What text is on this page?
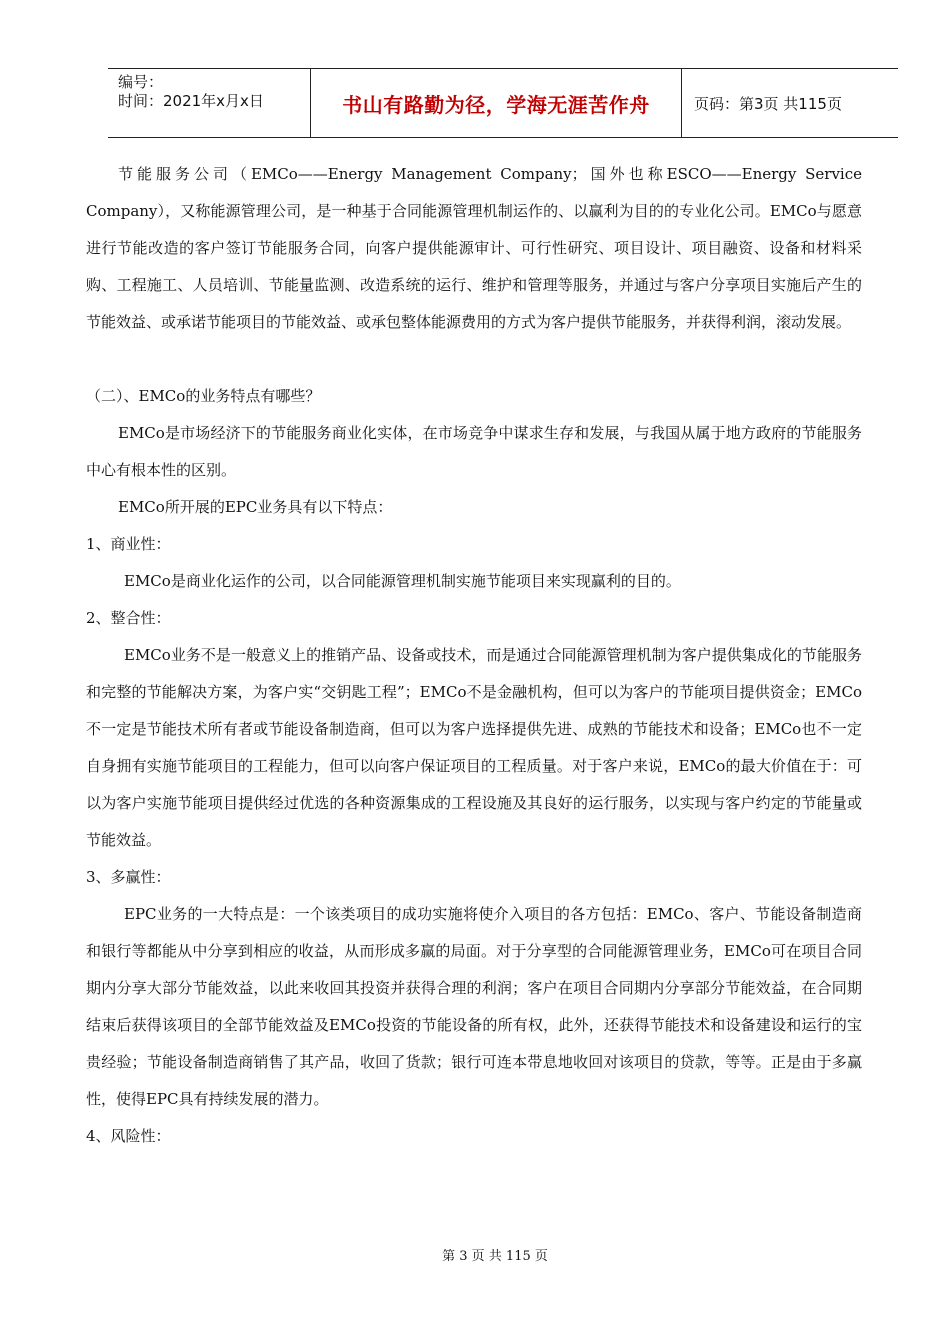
编号：
时间：2021年x月x日	书山有路勤为径，学海无涯苦作舟	页码：第3页 共115页

节能服务公司（EMCo——Energy Management Company；国外也称ESCO——Energy Service Company），又称能源管理公司，是一种基于合同能源管理机制运作的、以赢利为目的的专业化公司。EMCo与愿意进行节能改造的客户签订节能服务合同，向客户提供能源审计、可行性研究、项目设计、项目融资、设备和材料采购、工程施工、人员培训、节能量监测、改造系统的运行、维护和管理等服务，并通过与客户分享项目实施后产生的节能效益、或承诺节能项目的节能效益、或承包整体能源费用的方式为客户提供节能服务，并获得利润，滚动发展。

（二）、EMCo的业务特点有哪些？

EMCo是市场经济下的节能服务商业化实体，在市场竞争中谋求生存和发展，与我国从属于地方政府的节能服务中心有根本性的区别。

EMCo所开展的EPC业务具有以下特点：

1、商业性：

EMCo是商业化运作的公司，以合同能源管理机制实施节能项目来实现赢利的目的。

2、整合性：

EMCo业务不是一般意义上的推销产品、设备或技术，而是通过合同能源管理机制为客户提供集成化的节能服务和完整的节能解决方案，为客户实“交钥匙工程”；EMCo不是金融机构，但可以为客户的节能项目提供资金；EMCo不一定是节能技术所有者或节能设备制造商，但可以为客户选择提供先进、成熟的节能技术和设备；EMCo也不一定自身拥有实施节能项目的工程能力，但可以向客户保证项目的工程质量。对于客户来说，EMCo的最大价值在于：可以为客户实施节能项目提供经过优选的各种资源集成的工程设施及其良好的运行服务，以实现与客户约定的节能量或节能效益。

3、多赢性：

EPC业务的一大特点是：一个该类项目的成功实施将使介入项目的各方包括：EMCo、客户、节能设备制造商和银行等都能从中分享到相应的收益，从而形成多赢的局面。对于分享型的合同能源管理业务，EMCo可在项目合同期内分享大部分节能效益，以此来收回其投资并获得合理的利润；客户在项目合同期内分享部分节能效益，在合同期结束后获得该项目的全部节能效益及EMCo投资的节能设备的所有权，此外，还获得节能技术和设备建设和运行的宝贵经验；节能设备制造商销售了其产品，收回了货款；银行可连本带息地收回对该项目的贷款，等等。正是由于多赢性，使得EPC具有持续发展的潜力。

4、风险性：

第 3 页 共 115 页
